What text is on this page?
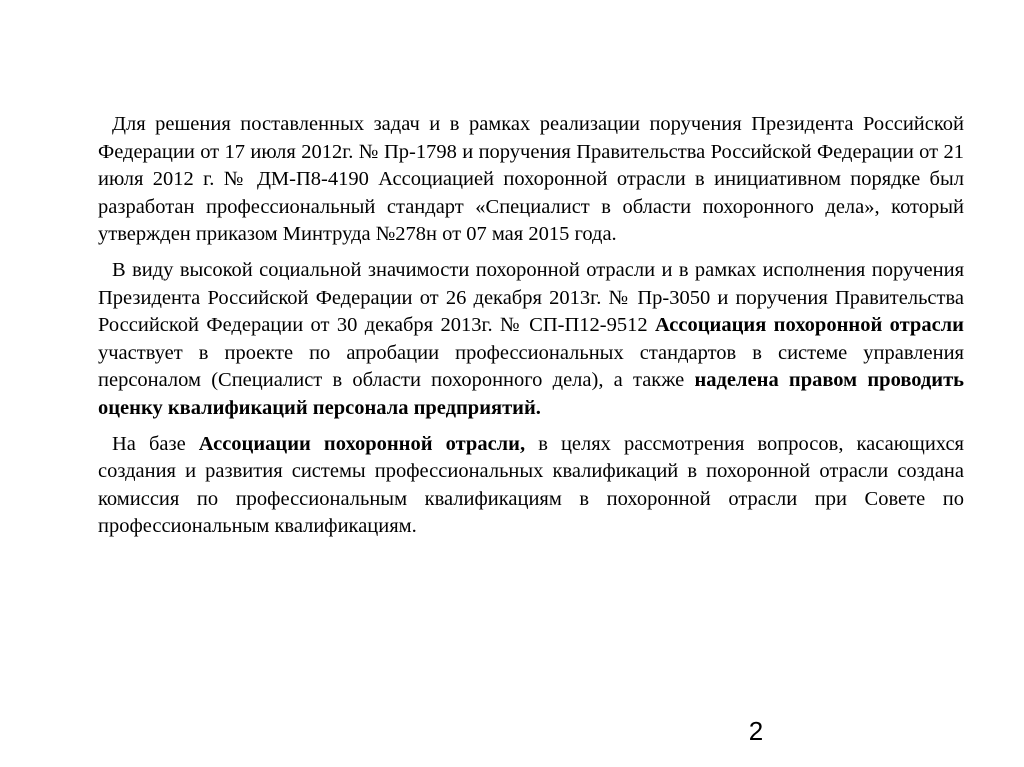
Для решения поставленных задач и в рамках реализации поручения Президента Российской Федерации от 17 июля 2012г. № Пр-1798 и поручения Правительства Российской Федерации от 21 июля 2012 г. № ДМ-П8-4190 Ассоциацией похоронной отрасли в инициативном порядке был разработан профессиональный стандарт «Специалист в области похоронного дела», который утвержден приказом Минтруда №278н от 07 мая 2015 года.

В виду высокой социальной значимости похоронной отрасли и в рамках исполнения поручения Президента Российской Федерации от 26 декабря 2013г. № Пр-3050 и поручения Правительства Российской Федерации от 30 декабря 2013г. № СП-П12-9512 Ассоциация похоронной отрасли участвует в проекте по апробации профессиональных стандартов в системе управления персоналом (Специалист в области похоронного дела), а также наделена правом проводить оценку квалификаций персонала предприятий.

На базе Ассоциации похоронной отрасли, в целях рассмотрения вопросов, касающихся создания и развития системы профессиональных квалификаций в похоронной отрасли создана комиссия по профессиональным квалификациям в похоронной отрасли при Совете по профессиональным квалификациям.

2
